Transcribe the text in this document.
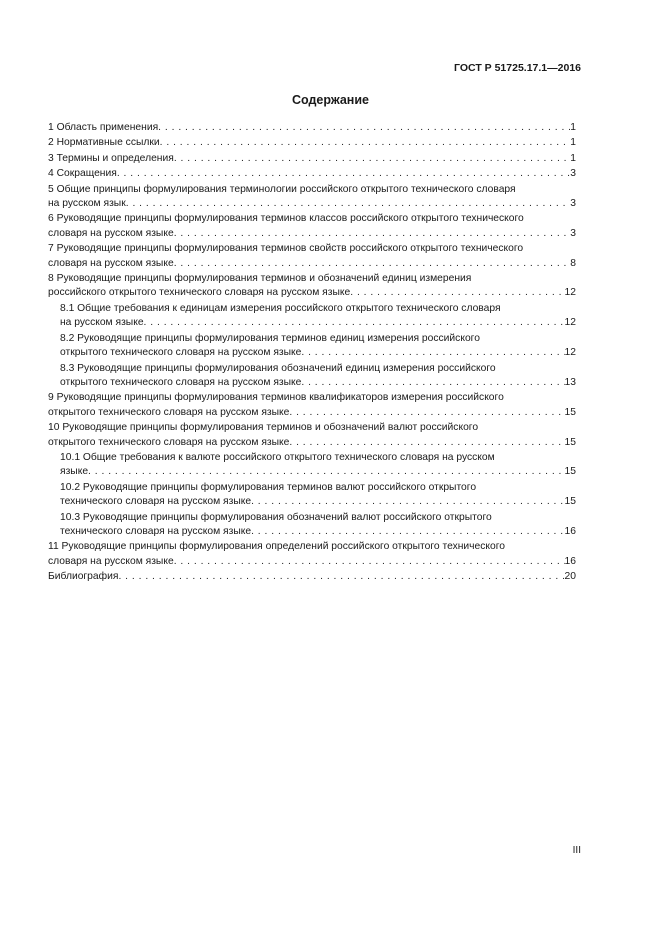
ГОСТ Р 51725.17.1—2016
Содержание
1 Область применения . . .	1
2 Нормативные ссылки . . .	1
3 Термины и определения . . .	1
4 Сокращения . . .	3
5 Общие принципы формулирования терминологии российского открытого технического словаря
на русском язык . . .	3
6 Руководящие принципы формулирования терминов классов российского открытого технического
словаря на русском языке . . .	3
7 Руководящие принципы формулирования терминов свойств российского открытого технического
словаря на русском языке . . .	8
8 Руководящие принципы формулирования терминов и обозначений единиц измерения
российского открытого технического словаря на русском языке . . .	12
8.1 Общие требования к единицам измерения российского открытого технического словаря
на русском языке . . .	12
8.2 Руководящие принципы формулирования терминов единиц измерения российского
открытого технического словаря на русском языке . . .	12
8.3 Руководящие принципы формулирования обозначений единиц измерения российского
открытого технического словаря на русском языке . . .	13
9 Руководящие принципы формулирования терминов квалификаторов измерения российского
открытого технического словаря на русском языке . . .	15
10 Руководящие принципы формулирования терминов и обозначений валют российского
открытого технического словаря на русском языке . . .	15
10.1 Общие требования к валюте российского открытого технического словаря на русском
языке . . .	15
10.2 Руководящие принципы формулирования терминов валют российского открытого
технического словаря на русском языке . . .	15
10.3 Руководящие принципы формулирования обозначений валют российского открытого
технического словаря на русском языке . . .	16
11 Руководящие принципы формулирования определений российского открытого технического
словаря на русском языке . . .	16
Библиография . . .	20
III
